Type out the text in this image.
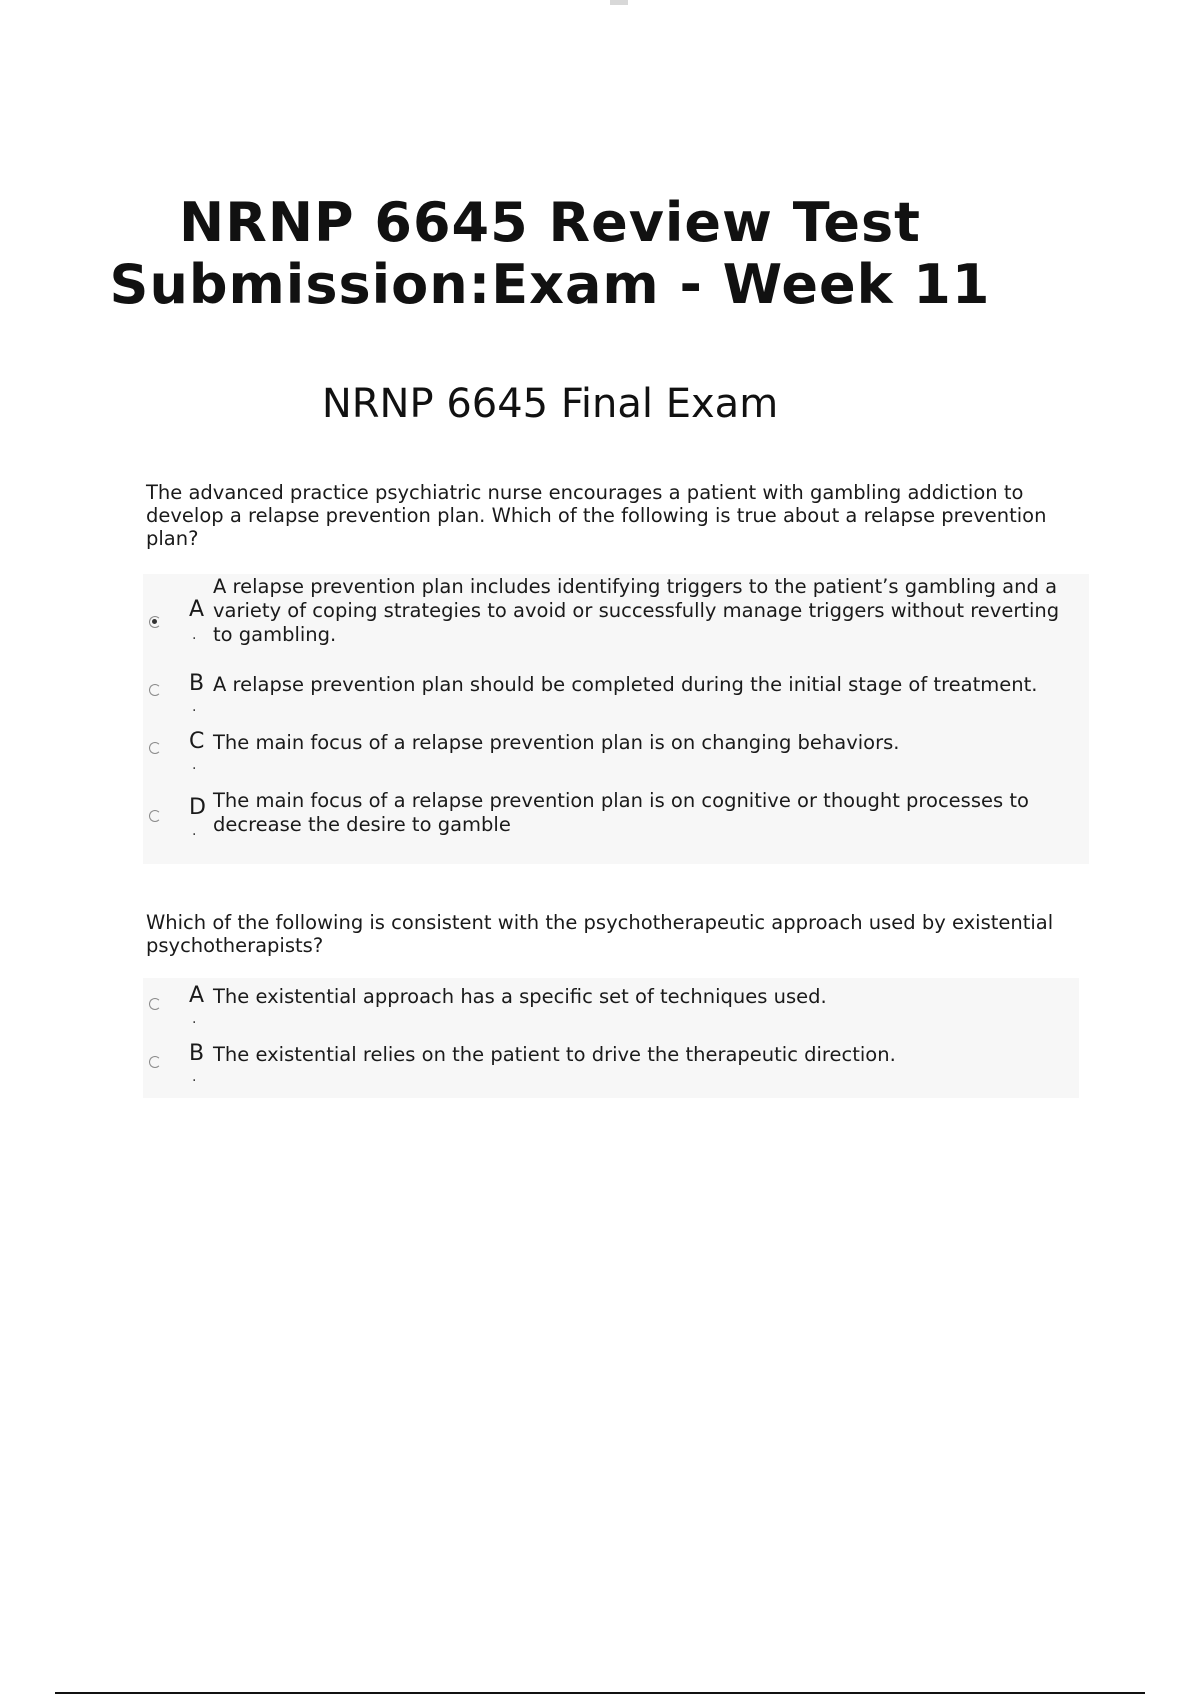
NRNP 6645 Review Test
Submission:Exam - Week 11
NRNP 6645 Final Exam
The advanced practice psychiatric nurse encourages a patient with gambling addiction to develop a relapse prevention plan. Which of the following is true about a relapse prevention plan?
A
.
A relapse prevention plan includes identifying triggers to the patient’s gambling and a variety of coping strategies to avoid or successfully manage triggers without reverting to gambling.
B
.
A relapse prevention plan should be completed during the initial stage of treatment.
C
.
The main focus of a relapse prevention plan is on changing behaviors.
D
.
The main focus of a relapse prevention plan is on cognitive or thought processes to decrease the desire to gamble
Which of the following is consistent with the psychotherapeutic approach used by existential psychotherapists?
A
.
The existential approach has a specific set of techniques used.
B
.
The existential relies on the patient to drive the therapeutic direction.
